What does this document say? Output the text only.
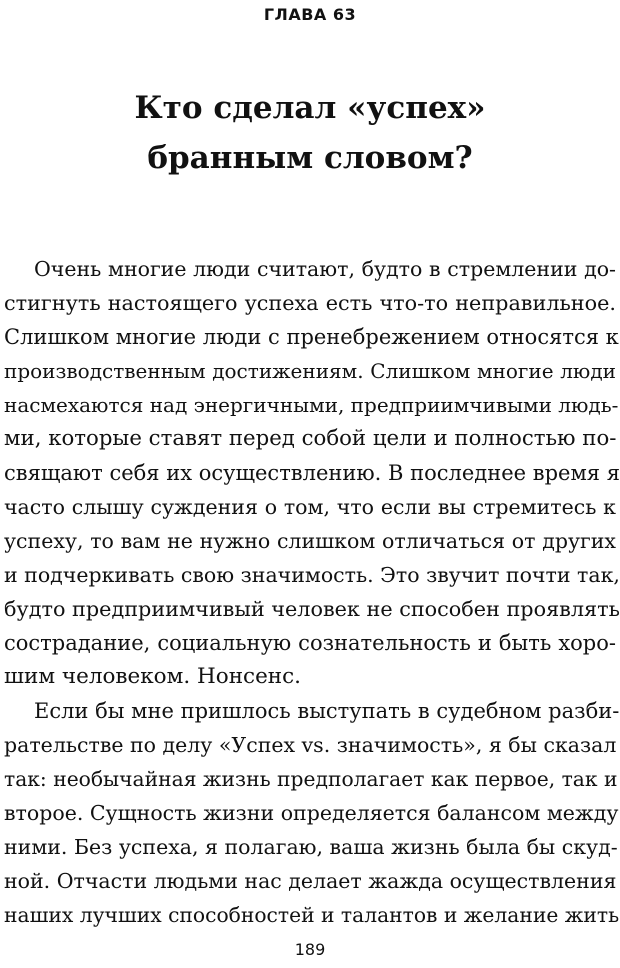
ГЛАВА 63
Кто сделал «успех»
бранным словом?
Очень многие люди считают, будто в стремлении до-
стигнуть настоящего успеха есть что-то неправильное.
Слишком многие люди с пренебрежением относятся к
производственным достижениям. Слишком многие люди
насмехаются над энергичными, предприимчивыми людь-
ми, которые ставят перед собой цели и полностью по-
свящают себя их осуществлению. В последнее время я
часто слышу суждения о том, что если вы стремитесь к
успеху, то вам не нужно слишком отличаться от других
и подчеркивать свою значимость. Это звучит почти так,
будто предприимчивый человек не способен проявлять
сострадание, социальную сознательность и быть хоро-
шим человеком. Нонсенс.
Если бы мне пришлось выступать в судебном разби-
рательстве по делу «Успех vs. значимость», я бы сказал
так: необычайная жизнь предполагает как первое, так и
второе. Сущность жизни определяется балансом между
ними. Без успеха, я полагаю, ваша жизнь была бы скуд-
ной. Отчасти людьми нас делает жажда осуществления
наших лучших способностей и талантов и желание жить
189
